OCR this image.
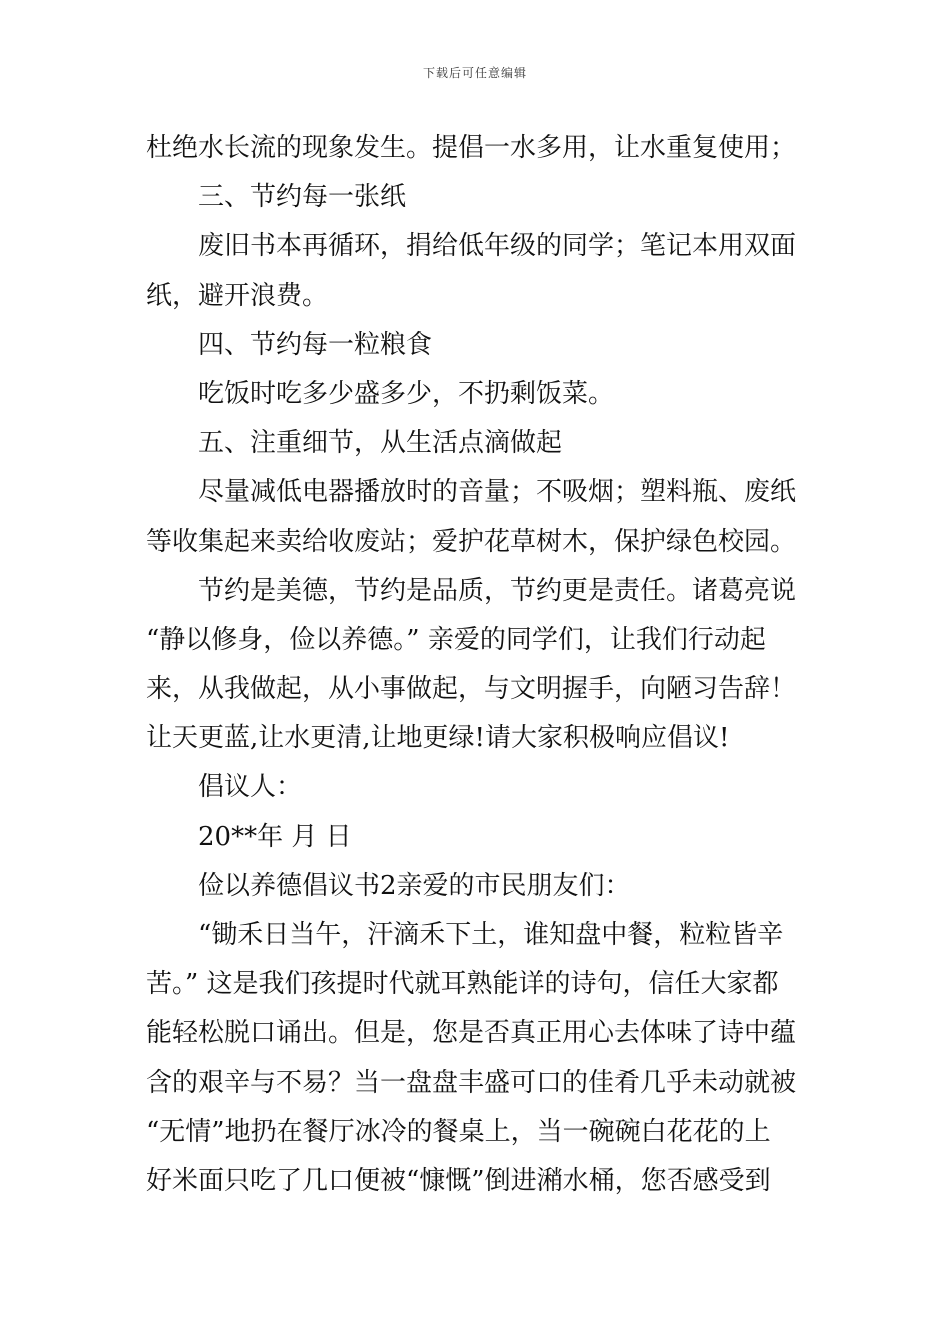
下载后可任意编辑
杜绝水长流的现象发生。提倡一水多用，让水重复使用；
三、节约每一张纸
废旧书本再循环，捐给低年级的同学；笔记本用双面
纸，避开浪费。
四、节约每一粒粮食
吃饭时吃多少盛多少，不扔剩饭菜。
五、注重细节，从生活点滴做起
尽量减低电器播放时的音量；不吸烟；塑料瓶、废纸
等收集起来卖给收废站；爱护花草树木，保护绿色校园。
节约是美德，节约是品质，节约更是责任。诸葛亮说
“静以修身，俭以养德。” 亲爱的同学们，让我们行动起
来，从我做起，从小事做起，与文明握手，向陋习告辞！
让天更蓝,让水更清,让地更绿!请大家积极响应倡议!
倡议人：
20**年 月 日
俭以养德倡议书2亲爱的市民朋友们：
“锄禾日当午，汗滴禾下土，谁知盘中餐，粒粒皆辛
苦。” 这是我们孩提时代就耳熟能详的诗句，信任大家都
能轻松脱口诵出。但是，您是否真正用心去体味了诗中蕴
含的艰辛与不易？当一盘盘丰盛可口的佳肴几乎未动就被
“无情”地扔在餐厅冰冷的餐桌上，当一碗碗白花花的上
好米面只吃了几口便被“慷慨”倒进潲水桶，您否感受到
